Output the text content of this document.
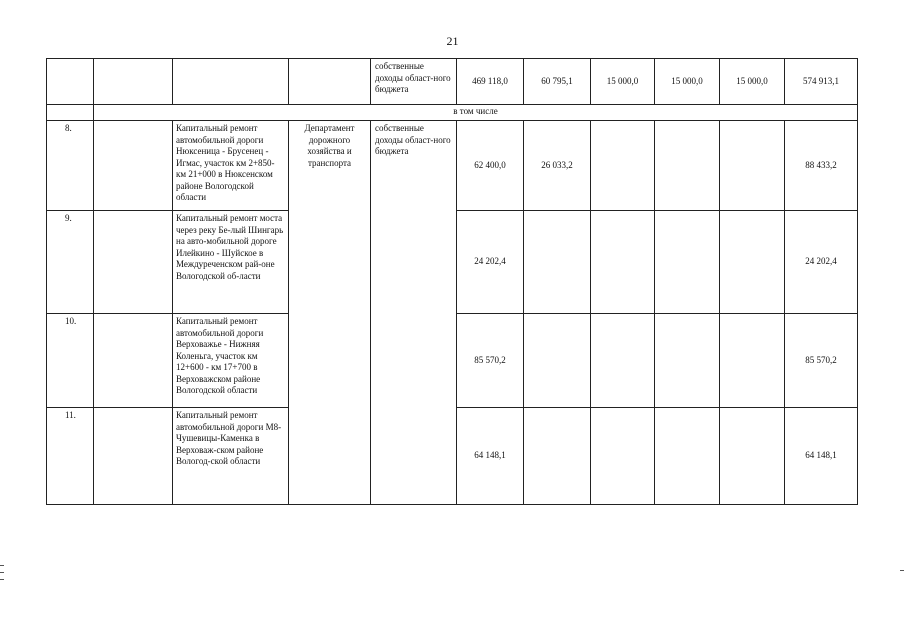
21
				собственные доходы област-ного бюджета	469 118,0	60 795,1	15 000,0	15 000,0	15 000,0	574 913,1
	в том числе									
8.		Капитальный ремонт автомобильной дороги Нюксеница - Брусенец - Игмас, участок км 2+850- км 21+000 в Нюксенском районе Вологодской области	Департамент дорожного хозяйства и транспорта	собственные доходы област-ного бюджета	62 400,0	26 033,2				88 433,2
9.		Капитальный ремонт моста через реку Бе-лый Шингарь на авто-мобильной дороге Илейкино - Шуйское в Междуреченском рай-оне Вологодской об-ласти			24 202,4					24 202,4
10.		Капитальный ремонт автомобильной дороги Верховажье - Нижняя Коленьга, участок км 12+600 - км 17+700 в Верховажском районе Вологодской области			85 570,2					85 570,2
11.		Капитальный ремонт автомобильной дороги М8-Чушевицы-Каменка в Верховаж-ском районе Вологод-ской области			64 148,1					64 148,1
